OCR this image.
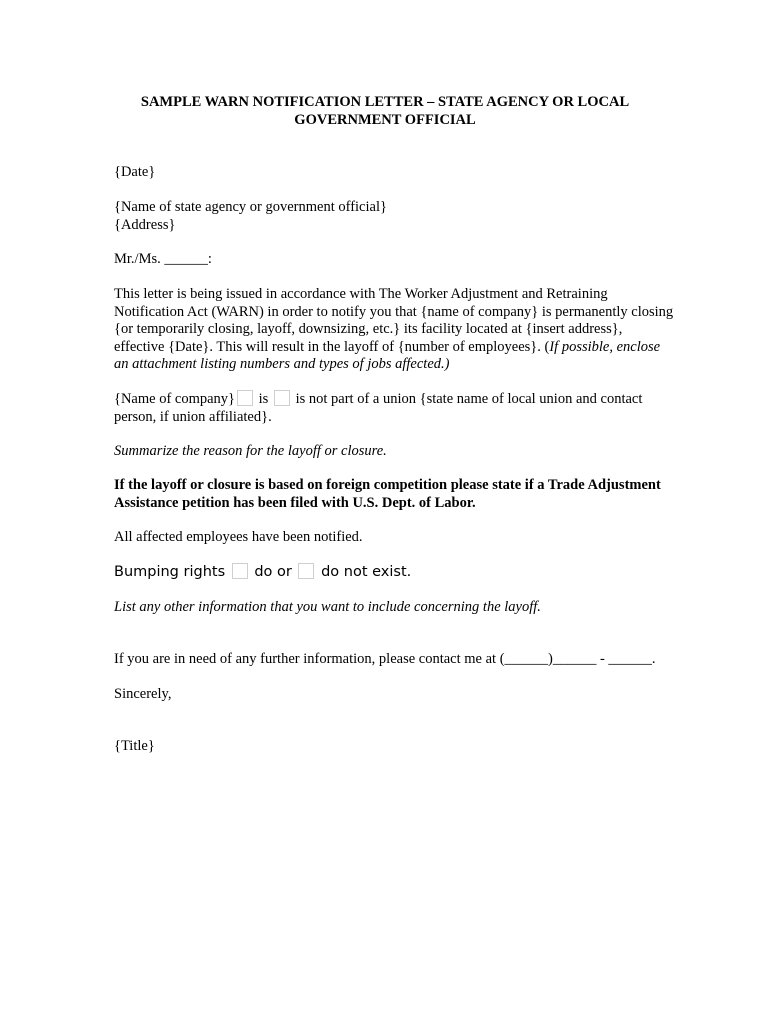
SAMPLE WARN NOTIFICATION LETTER – STATE AGENCY OR LOCAL
GOVERNMENT OFFICIAL
{Date}
{Name of state agency or government official}
{Address}
Mr./Ms. ______:
This letter is being issued in accordance with The Worker Adjustment and Retraining Notification Act (WARN) in order to notify you that {name of company} is permanently closing {or temporarily closing, layoff, downsizing, etc.} its facility located at {insert address}, effective {Date}. This will result in the layoff of {number of employees}. (If possible, enclose an attachment listing numbers and types of jobs affected.)
{Name of company} is is not part of a union {state name of local union and contact person, if union affiliated}.
Summarize the reason for the layoff or closure.
If the layoff or closure is based on foreign competition please state if a Trade Adjustment Assistance petition has been filed with U.S. Dept. of Labor.
All affected employees have been notified.
Bumping rights do or do not exist.
List any other information that you want to include concerning the layoff.
If you are in need of any further information, please contact me at (______)______ - ______.
Sincerely,
{Title}
